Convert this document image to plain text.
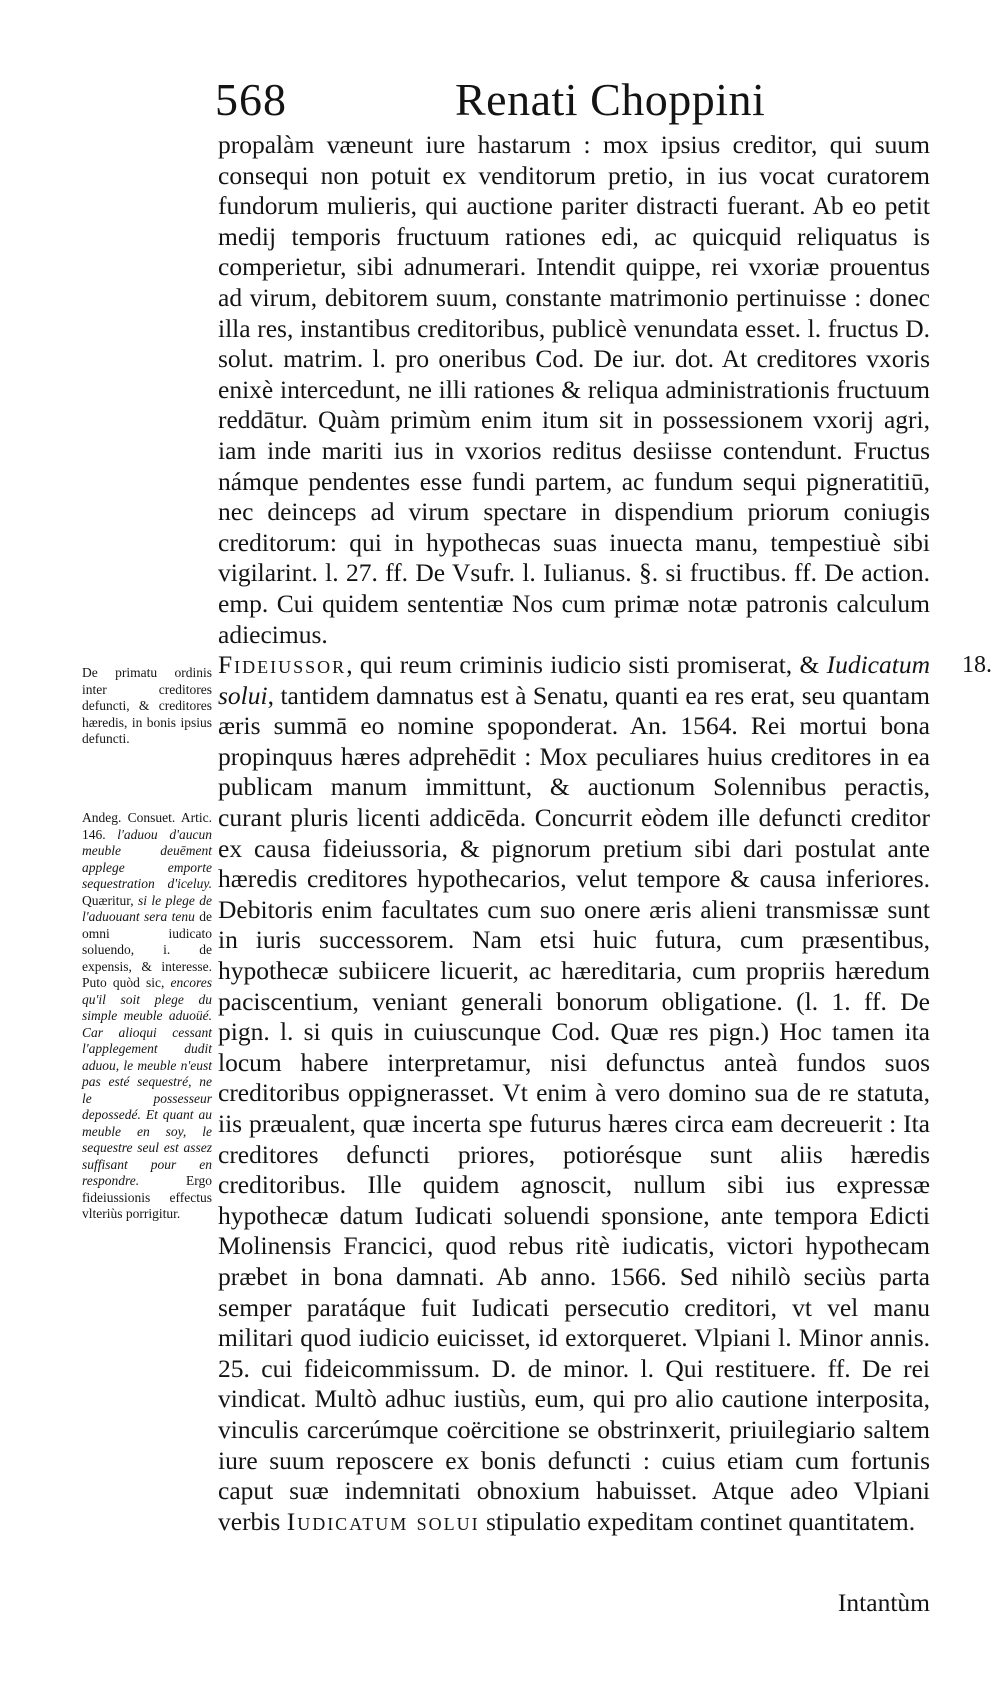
568	Renati Choppini

propalàm væneunt iure hastarum : mox ipsius creditor, qui suum consequi non potuit ex venditorum pretio, in ius vocat curatorem fundorum mulieris, qui auctione pariter distracti fuerant. Ab eo petit medij temporis fructuum rationes edi, ac quicquid reliquatus is comperietur, sibi adnumerari. Intendit quippe, rei vxoriæ prouentus ad virum, debitorem suum, constante matrimonio pertinuisse : donec illa res, instantibus creditoribus, publicè venundata esset. l. fructus D. solut. matrim. l. pro oneribus Cod. De iur. dot. At creditores vxoris enixè intercedunt, ne illi rationes & reliqua administrationis fructuum reddātur. Quàm primùm enim itum sit in possessionem vxorij agri, iam inde mariti ius in vxorios reditus desiisse contendunt. Fructus námque pendentes esse fundi partem, ac fundum sequi pigneratitiū, nec deinceps ad virum spectare in dispendium priorum coniugis creditorum: qui in hypothecas suas inuecta manu, tempestiuè sibi vigilarint. l. 27. ff. De Vsufr. l. Iulianus. §. si fructibus. ff. De action. emp. Cui quidem sententiæ Nos cum primæ notæ patronis calculum adiecimus.

Fideiussor, qui reum criminis iudicio sisti promiserat, & Iudicatum solui, tantidem damnatus est à Senatu, quanti ea res erat, seu quantam æris summā eo nomine spoponderat. An. 1564. Rei mortui bona propinquus hæres adprehēdit : Mox peculiares huius creditores in ea publicam manum immittunt, & auctionum Solennibus peractis, curant pluris licenti addicēda. Concurrit eòdem ille defuncti creditor ex causa fideiussoria, & pignorum pretium sibi dari postulat ante hæredis creditores hypothecarios, velut tempore & causa inferiores. Debitoris enim facultates cum suo onere æris alieni transmissæ sunt in iuris successorem. Nam etsi huic futura, cum præsentibus, hypothecæ subiicere licuerit, ac hæreditaria, cum propriis hæredum paciscentium, veniant generali bonorum obligatione. (l. 1. ff. De pign. l. si quis in cuiuscunque Cod. Quæ res pign.) Hoc tamen ita locum habere interpretamur, nisi defunctus anteà fundos suos creditoribus oppignerasset. Vt enim à vero domino sua de re statuta, iis præualent, quæ incerta spe futurus hæres circa eam decreuerit : Ita creditores defuncti priores, potiorésque sunt aliis hæredis creditoribus. Ille quidem agnoscit, nullum sibi ius expressæ hypothecæ datum Iudicati soluendi sponsione, ante tempora Edicti Molinensis Francici, quod rebus ritè iudicatis, victori hypothecam præbet in bona damnati. Ab anno. 1566. Sed nihilò seciùs parta semper paratáque fuit Iudicati persecutio creditori, vt vel manu militari quod iudicio euicisset, id extorqueret. Vlpiani l. Minor annis. 25. cui fideicommissum. D. de minor. l. Qui restituere. ff. De rei vindicat. Multò adhuc iustiùs, eum, qui pro alio cautione interposita, vinculis carcerúmque coërcitione se obstrinxerit, priuilegiario saltem iure suum reposcere ex bonis defuncti : cuius etiam cum fortunis caput suæ indemnitati obnoxium habuisset. Atque adeo Vlpiani verbis Iudicatum solui stipulatio expeditam continet quantitatem.

De primatu ordinis inter creditores defuncti, & creditores hæredis, in bonis ipsius defuncti.
Andeg. Consuet. Artic. 146. l'aduou d'aucun meuble deuēment applege emporte sequestration d'iceluy. Quæritur, si le plege de l'aduouant sera tenu de omni iudicato soluendo, i. de expensis, & interesse. Puto quòd sic, encores qu'il soit plege du simple meuble aduoüé. Car alioqui cessant l'applegement dudit aduou, le meuble n'eust pas esté sequestré, ne le possesseur depossedé. Et quant au meuble en soy, le sequestre seul est assez suffisant pour en respondre. Ergo fideiussionis effectus vlteriùs porrigitur.
18.
Intantùm
